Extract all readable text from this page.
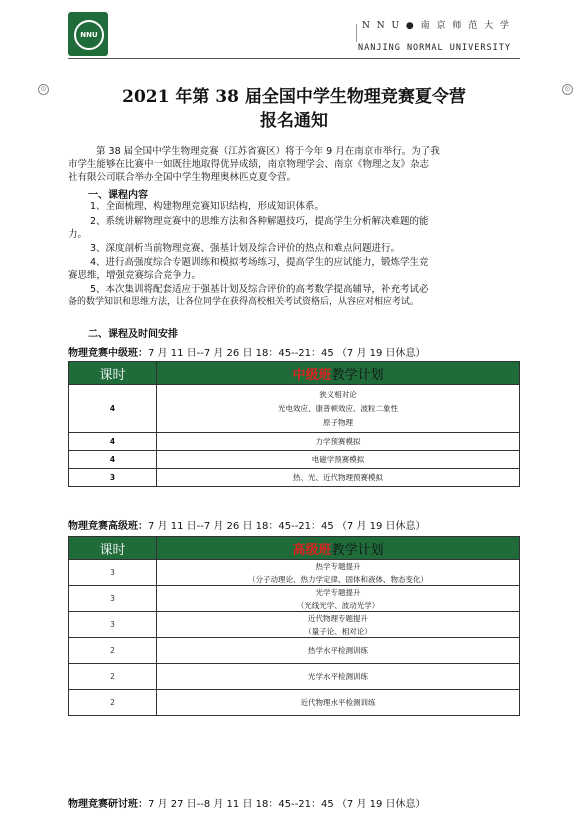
⊙	⊙
NNU
N N U ● 南 京 师 范 大 学
NANJING NORMAL UNIVERSITY
2021 年第 38 届全国中学生物理竞赛夏令营
报名通知
第 38 届全国中学生物理竞赛（江苏省赛区）将于今年 9 月在南京市举行。为了我
市学生能够在比赛中一如既往地取得优异成绩，南京物理学会、南京《物理之友》杂志
社有限公司联合举办全国中学生物理奥林匹克夏令营。
一、课程内容
1、全面梳理、构建物理竞赛知识结构，形成知识体系。
2、系统讲解物理竞赛中的思维方法和各种解题技巧，提高学生分析解决难题的能
力。
3、深度剖析当前物理竞赛、强基计划及综合评价的热点和难点问题进行。
4、进行高强度综合专题训练和模拟考场练习，提高学生的应试能力，锻炼学生竞
赛思维，增强竞赛综合竞争力。
5、本次集训将配套适应于强基计划及综合评价的高考数学提高辅导，补充考试必
备的数学知识和思维方法，让各位同学在获得高校相关考试资格后，从容应对相应考试。
二、课程及时间安排
物理竞赛中级班：7 月 11 日--7 月 26 日 18：45--21：45 （7 月 19 日休息）
课时	中级班教学计划
4	狭义相对论
光电效应、康普顿效应、波粒二象性
原子物理

4	力学预赛模拟
4	电磁学预赛模拟
3	热、光、近代物理预赛模拟
物理竞赛高级班：7 月 11 日--7 月 26 日 18：45--21：45 （7 月 19 日休息）
课时	高级班教学计划
3	热学专题提升
（分子动理论、热力学定律、固体和液体、物态变化）

3	光学专题提升
（光线光学、波动光学）

3	近代物理专题提升
（量子论、相对论）

2	热学水平检测训练
2	光学水平检测训练
2	近代物理水平检测训练
物理竞赛研讨班：7 月 27 日--8 月 11 日 18：45--21：45 （7 月 19 日休息）
